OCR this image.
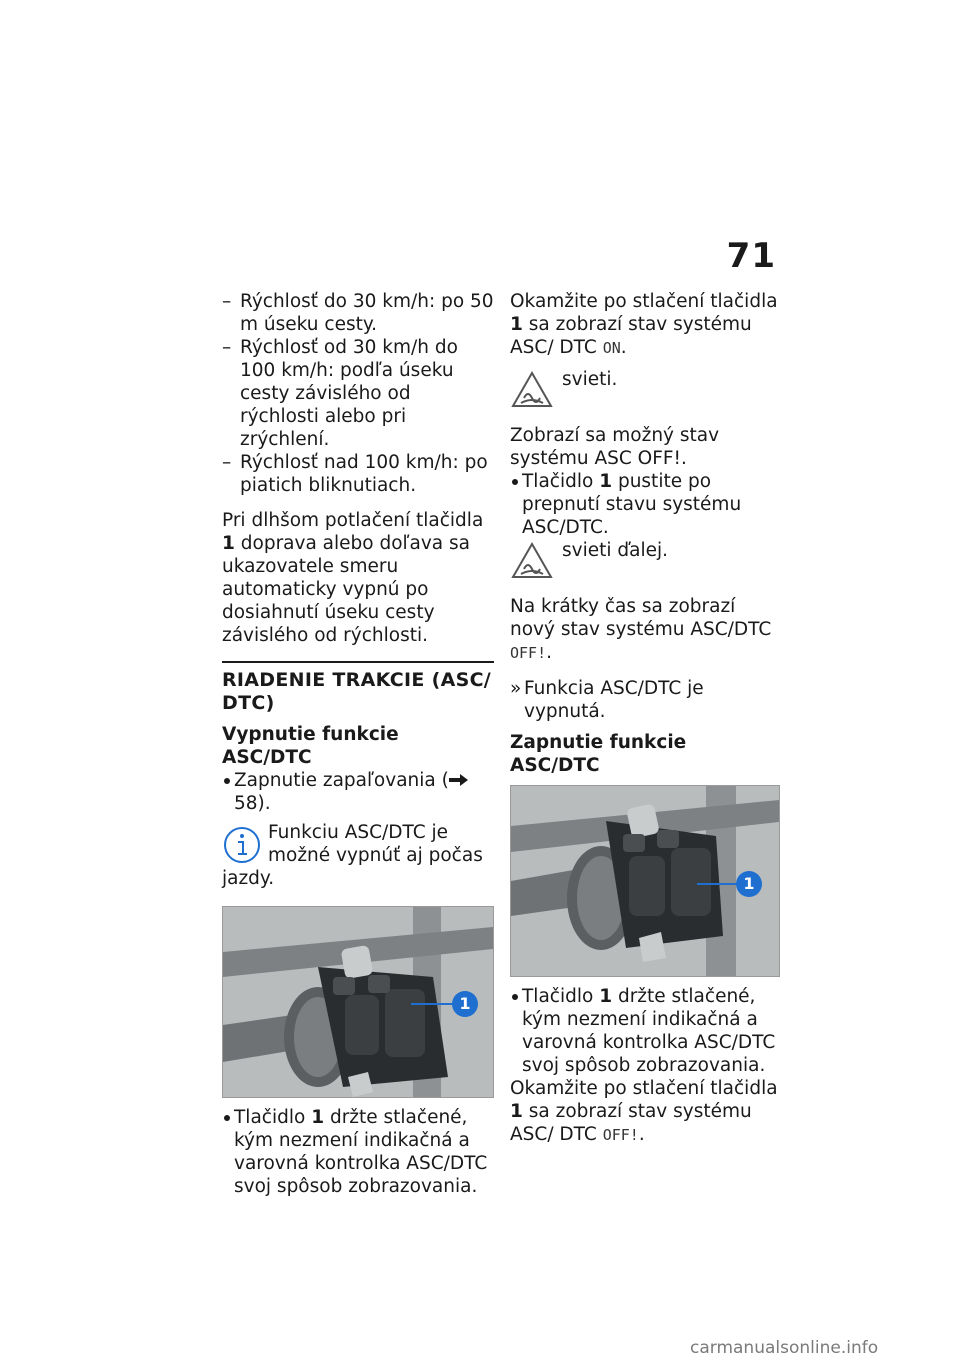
71

– Rýchlosť do 30 km/h: po 50 m úseku cesty.

– Rýchlosť od 30 km/h do 100 km/h: podľa úseku cesty závislého od rýchlosti alebo pri zrýchlení.

– Rýchlosť nad 100 km/h: po piatich bliknutiach.

Pri dlhšom potlačení tlačidla 1 doprava alebo doľava sa ukazovatele smeru automaticky vypnú po dosiahnutí úseku cesty závislého od rýchlosti.

RIADENIE TRAKCIE (ASC/ DTC)
Vypnutie funkcie ASC/DTC

Zapnutie zapaľovania (58).

Funkciu ASC/DTC je možné vypnúť aj počas jazdy.
1

Tlačidlo 1 držte stlačené, kým nezmení indikačná a varovná kontrolka ASC/DTC svoj spôsob zobrazovania.

Okamžite po stlačení tlačidla 1 sa zobrazí stav systému ASC/ DTC ON.

svieti.

Zobrazí sa možný stav systému ASC OFF!.

Tlačidlo 1 pustite po prepnutí stavu systému ASC/DTC.

svieti ďalej.

Na krátky čas sa zobrazí nový stav systému ASC/DTC OFF!.

» Funkcia ASC/DTC je vypnutá.

Zapnutie funkcie ASC/DTC
1

Tlačidlo 1 držte stlačené, kým nezmení indikačná a varovná kontrolka ASC/DTC svoj spôsob zobrazovania.

Okamžite po stlačení tlačidla 1 sa zobrazí stav systému ASC/ DTC OFF!.

carmanualsonline.info
